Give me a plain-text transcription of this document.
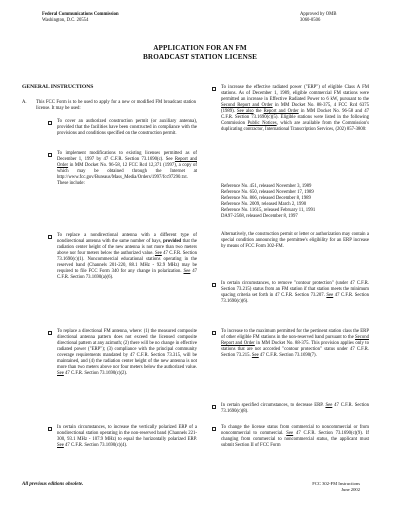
Federal Communications Commission
Washington, D.C. 20554
Approved by OMB
3060-0506
APPLICATION FOR AN FM
BROADCAST STATION LICENSE
GENERAL INSTRUCTIONS
A. This FCC Form is to be used to apply for a new or modified FM broadcast station license. It may be used:
To cover an authorized construction permit (or auxiliary antenna), provided that the facilities have been constructed in compliance with the provisions and conditions specified on the construction permit.
To implement modifications to existing licenses permitted as of December 1, 1997 by 47 C.F.R. Section 73.1690(c). See Report and Order in MM Docket No. 96-58, 12 FCC Rcd 12,371 (1997), a copy of which may be obtained through the Internet at http://www.fcc.gov/Bureaus/Mass_Media/Orders/1997/fcc97290.txt. These include:
To replace a nondirectional antenna with a different type of nondirectional antenna with the same number of bays, provided that the radiation center height of the new antenna is not more than two meters above nor four meters below the authorized value. See 47 C.F.R. Section 73.1690(c)(1). Noncommercial educational stations operating in the reserved band (Channels 201-220, 88.1 MHz - 92.9 MHz) may be required to file FCC Form 340 for any change in polarization. See 47 C.F.R. Section 73.1690(a)(6).
To replace a directional FM antenna, where: (1) the measured composite directional antenna pattern does not exceed the licensed composite directional pattern at any azimuth; (2) there will be no change in effective radiated power ("ERP"); (3) compliance with the principal community coverage requirements mandated by 47 C.F.R. Section 73.315, will be maintained, and (4) the radiation center height of the new antenna is not more than two meters above nor four meters below the authorized value. See 47 C.F.R. Section 73.1690(c)(2).
In certain circumstances, to increase the vertically polarized ERP of a nondirectional station operating in the non-reserved band (Channels 221-300, 93.1 MHz - 107.9 MHz) to equal the horizontally polarized ERP. See 47 C.F.R. Section 73.1690(c)(4).
To increase the effective radiated power ("ERP") of eligible Class A FM stations. As of December 1, 1989, eligible commercial FM stations were permitted an increase in Effective Radiated Power to 6 kW, pursuant to the Second Report and Order in MM Docket No. 88-375, 4 FCC Rcd 6375 (1989). See also the Report and Order in MM Docket No. 96-58 and 47 C.F.R. Section 73.1690(c)(5). Eligible stations were listed in the following Commission Public Notices, which are available from the Commission's duplicating contractor, International Transcription Services, (202) 857-3800:

Reference No. 451, released November 3, 1989

Reference No. 650, released November 17, 1989

Reference No. 866, released December 8, 1989

Reference No. 2009, released March 2, 1990

Reference No. 11615, released February 11, 1991

DA97-2568, released December 8, 1997

Alternatively, the construction permit or letter or authorization may contain a special condition announcing the permittee's eligibility for an ERP increase by means of FCC Form 302-FM.
In certain circumstances, to remove "contour protection" (under 47 C.F.R. Section 73.215) status from an FM station if that station meets the minimum spacing criteria set forth in 47 C.F.R. Section 73.207. See 47 C.F.R. Section 73.1690(c)(6).
To increase to the maximum permitted for the pertinent station class the ERP of other eligible FM stations in the non-reserved band pursuant to the Second Report and Order in MM Docket No. 88-375. This provision applies only to stations that are not accorded "contour protection" status under 47 C.F.R. Section 73.215. See 47 C.F.R. Section 73.1690(7).
In certain specified circumstances, to decrease ERP. See 47 C.F.R. Section 73.1690(c)(8).
To change the license status from commercial to noncommercial or from noncommercial to commercial. See 47 C.F.R. Section 73.1690(c)(9). If changing from commercial to noncommercial status, the applicant must submit Section II of FCC Form
All previous editions obsolete.	FCC 302-FM Instructions
June 2002
